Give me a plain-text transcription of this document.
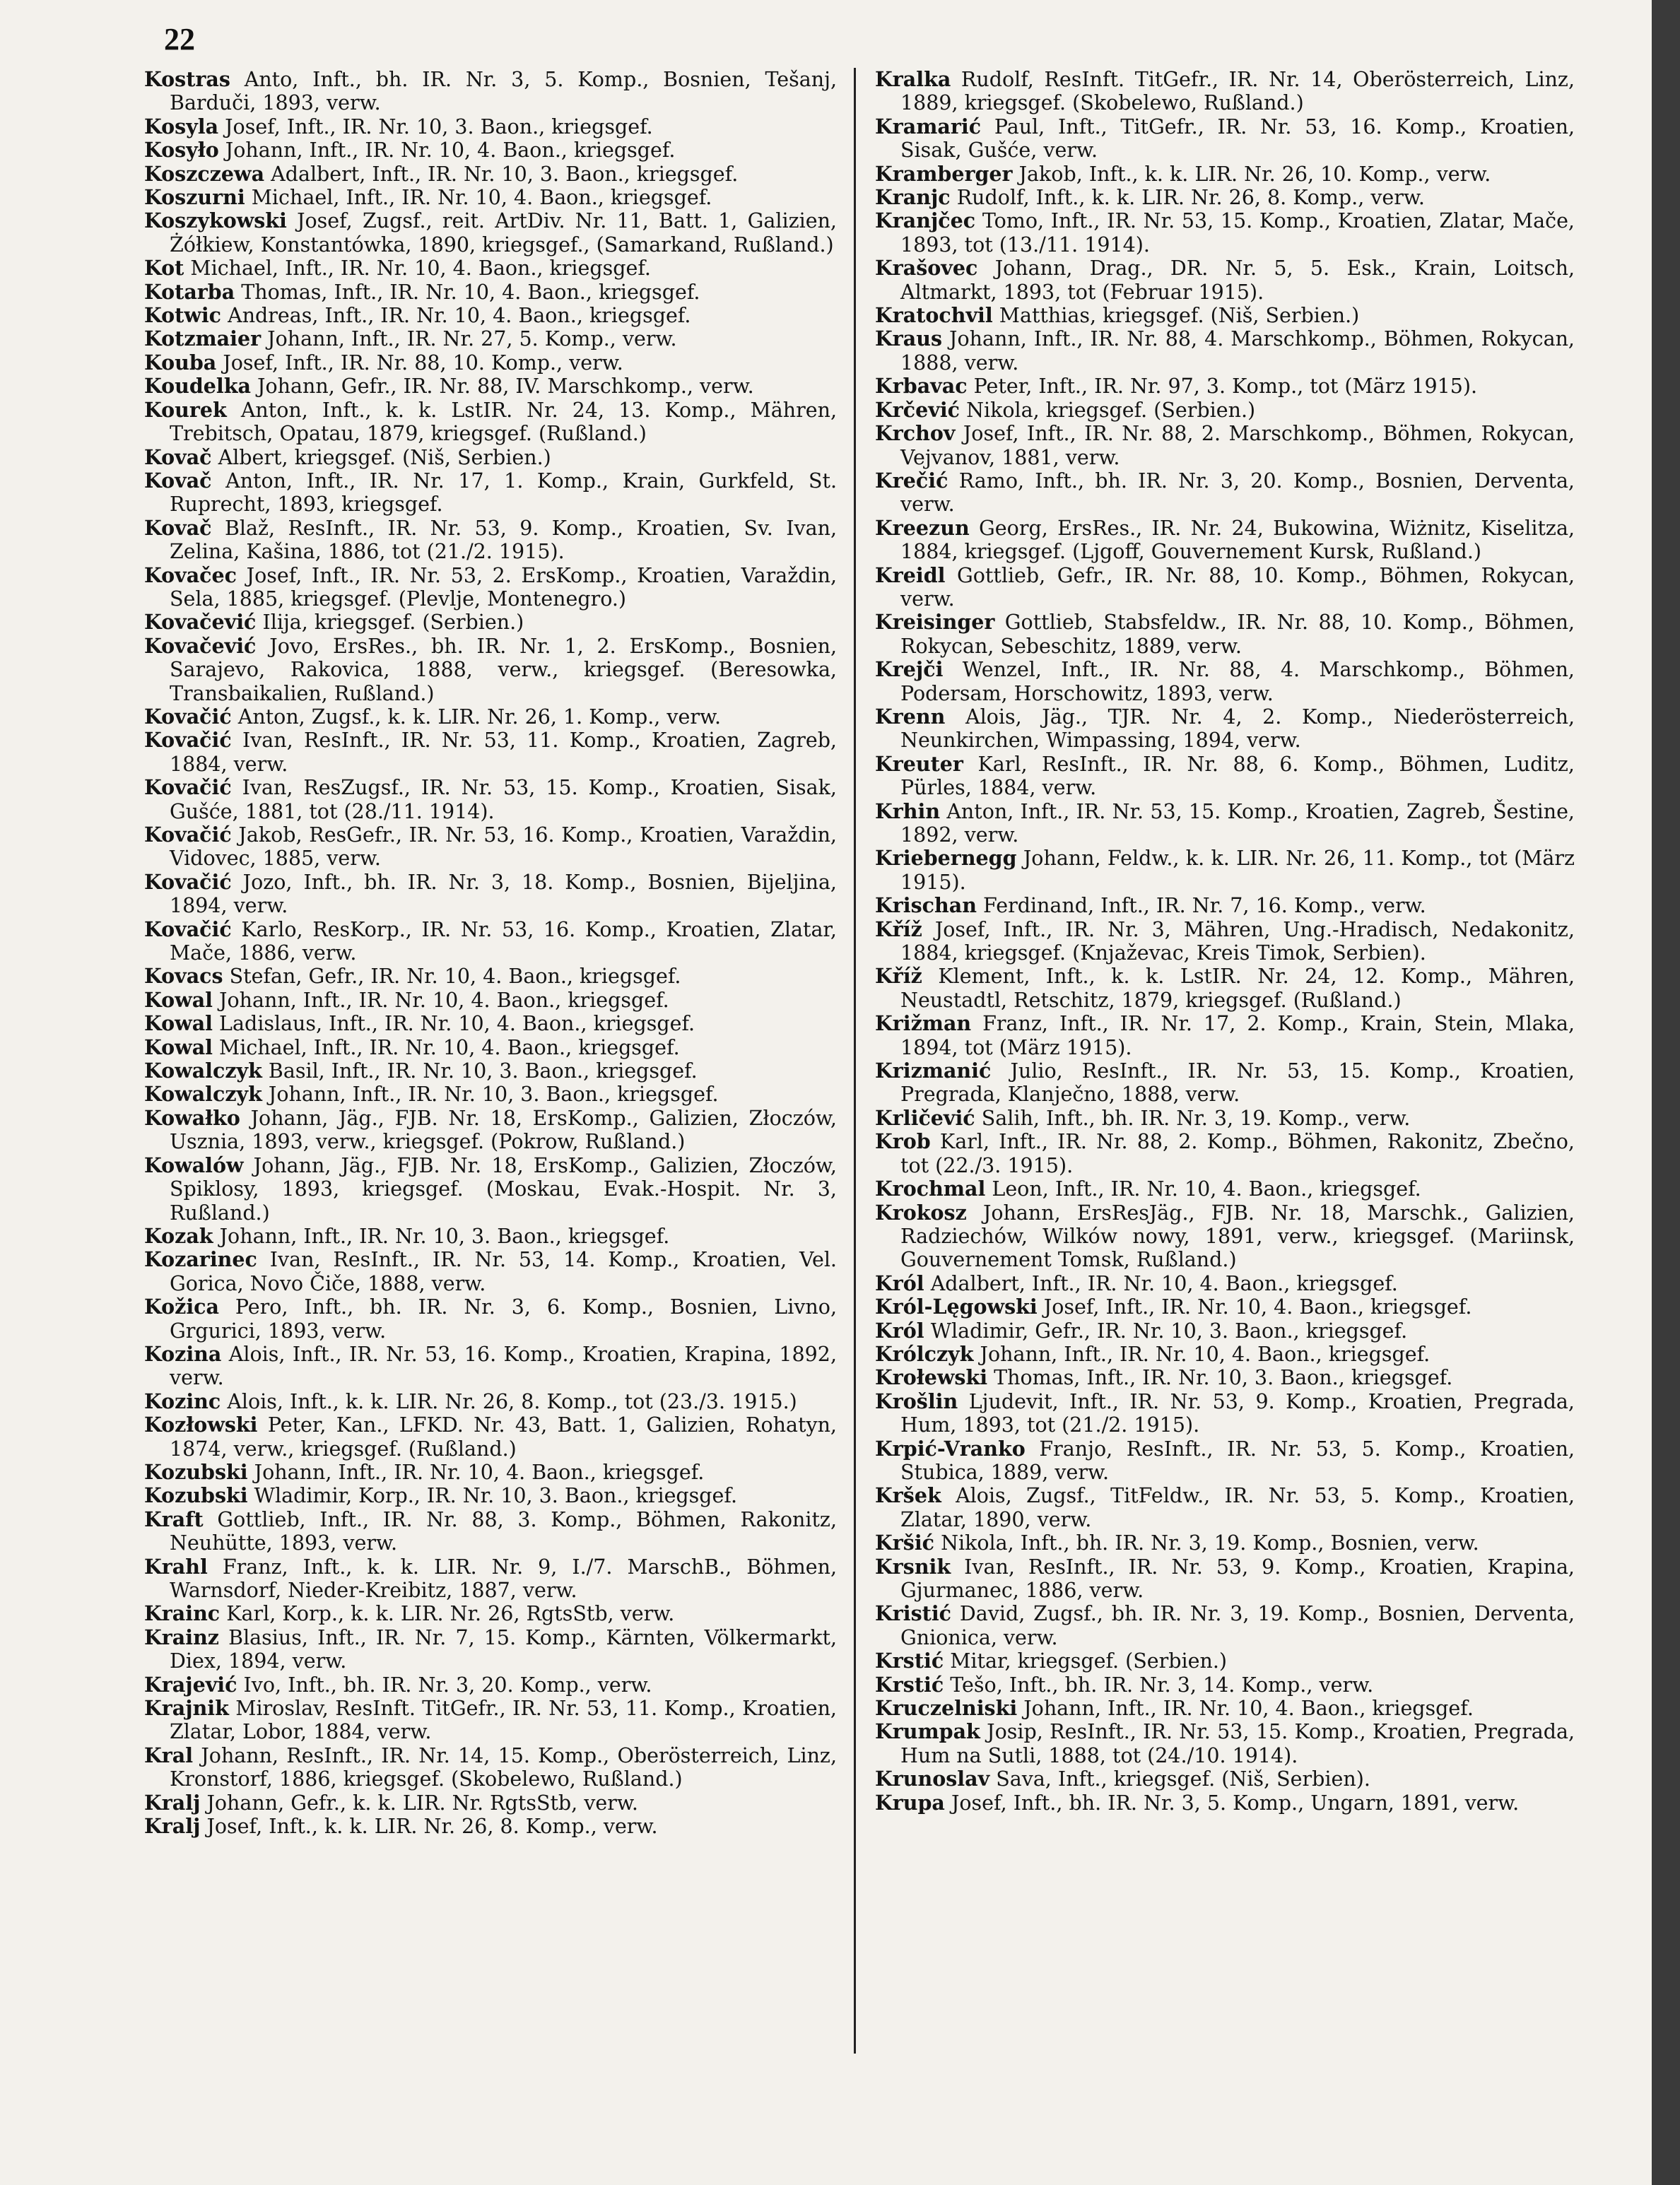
22

Kostras Anto, Inft., bh. IR. Nr. 3, 5. Komp., Bosnien, Tešanj, Barduči, 1893, verw.

Kosyla Josef, Inft., IR. Nr. 10, 3. Baon., kriegsgef.

Kosyło Johann, Inft., IR. Nr. 10, 4. Baon., kriegsgef.

Koszczewa Adalbert, Inft., IR. Nr. 10, 3. Baon., kriegsgef.

Koszurni Michael, Inft., IR. Nr. 10, 4. Baon., kriegsgef.

Koszykowski Josef, Zugsf., reit. ArtDiv. Nr. 11, Batt. 1, Galizien, Żółkiew, Konstantówka, 1890, kriegsgef., (Samarkand, Rußland.)

Kot Michael, Inft., IR. Nr. 10, 4. Baon., kriegsgef.

Kotarba Thomas, Inft., IR. Nr. 10, 4. Baon., kriegsgef.

Kotwic Andreas, Inft., IR. Nr. 10, 4. Baon., kriegsgef.

Kotzmaier Johann, Inft., IR. Nr. 27, 5. Komp., verw.

Kouba Josef, Inft., IR. Nr. 88, 10. Komp., verw.

Koudelka Johann, Gefr., IR. Nr. 88, IV. Marschkomp., verw.

Kourek Anton, Inft., k. k. LstIR. Nr. 24, 13. Komp., Mähren, Trebitsch, Opatau, 1879, kriegsgef. (Rußland.)

Kovač Albert, kriegsgef. (Niš, Serbien.)

Kovač Anton, Inft., IR. Nr. 17, 1. Komp., Krain, Gurkfeld, St. Ruprecht, 1893, kriegsgef.

Kovač Blaž, ResInft., IR. Nr. 53, 9. Komp., Kroatien, Sv. Ivan, Zelina, Kašina, 1886, tot (21./2. 1915).

Kovačec Josef, Inft., IR. Nr. 53, 2. ErsKomp., Kroatien, Varaždin, Sela, 1885, kriegsgef. (Plevlje, Montenegro.)

Kovačević Ilija, kriegsgef. (Serbien.)

Kovačević Jovo, ErsRes., bh. IR. Nr. 1, 2. ErsKomp., Bosnien, Sarajevo, Rakovica, 1888, verw., kriegsgef. (Beresowka, Transbaikalien, Rußland.)

Kovačić Anton, Zugsf., k. k. LIR. Nr. 26, 1. Komp., verw.

Kovačić Ivan, ResInft., IR. Nr. 53, 11. Komp., Kroatien, Zagreb, 1884, verw.

Kovačić Ivan, ResZugsf., IR. Nr. 53, 15. Komp., Kroatien, Sisak, Gušće, 1881, tot (28./11. 1914).

Kovačić Jakob, ResGefr., IR. Nr. 53, 16. Komp., Kroatien, Varaždin, Vidovec, 1885, verw.

Kovačić Jozo, Inft., bh. IR. Nr. 3, 18. Komp., Bosnien, Bijeljina, 1894, verw.

Kovačić Karlo, ResKorp., IR. Nr. 53, 16. Komp., Kroatien, Zlatar, Mače, 1886, verw.

Kovacs Stefan, Gefr., IR. Nr. 10, 4. Baon., kriegsgef.

Kowal Johann, Inft., IR. Nr. 10, 4. Baon., kriegsgef.

Kowal Ladislaus, Inft., IR. Nr. 10, 4. Baon., kriegsgef.

Kowal Michael, Inft., IR. Nr. 10, 4. Baon., kriegsgef.

Kowalczyk Basil, Inft., IR. Nr. 10, 3. Baon., kriegsgef.

Kowalczyk Johann, Inft., IR. Nr. 10, 3. Baon., kriegsgef.

Kowałko Johann, Jäg., FJB. Nr. 18, ErsKomp., Galizien, Złoczów, Usznia, 1893, verw., kriegsgef. (Pokrow, Rußland.)

Kowalów Johann, Jäg., FJB. Nr. 18, ErsKomp., Galizien, Złoczów, Spiklosy, 1893, kriegsgef. (Moskau, Evak.-Hospit. Nr. 3, Rußland.)

Kozak Johann, Inft., IR. Nr. 10, 3. Baon., kriegsgef.

Kozarinec Ivan, ResInft., IR. Nr. 53, 14. Komp., Kroatien, Vel. Gorica, Novo Čiče, 1888, verw.

Kožica Pero, Inft., bh. IR. Nr. 3, 6. Komp., Bosnien, Livno, Grgurici, 1893, verw.

Kozina Alois, Inft., IR. Nr. 53, 16. Komp., Kroatien, Krapina, 1892, verw.

Kozinc Alois, Inft., k. k. LIR. Nr. 26, 8. Komp., tot (23./3. 1915.)

Kozłowski Peter, Kan., LFKD. Nr. 43, Batt. 1, Galizien, Rohatyn, 1874, verw., kriegsgef. (Rußland.)

Kozubski Johann, Inft., IR. Nr. 10, 4. Baon., kriegsgef.

Kozubski Wladimir, Korp., IR. Nr. 10, 3. Baon., kriegsgef.

Kraft Gottlieb, Inft., IR. Nr. 88, 3. Komp., Böhmen, Rakonitz, Neuhütte, 1893, verw.

Krahl Franz, Inft., k. k. LIR. Nr. 9, I./7. MarschB., Böhmen, Warnsdorf, Nieder-Kreibitz, 1887, verw.

Krainc Karl, Korp., k. k. LIR. Nr. 26, RgtsStb, verw.

Krainz Blasius, Inft., IR. Nr. 7, 15. Komp., Kärnten, Völkermarkt, Diex, 1894, verw.

Krajević Ivo, Inft., bh. IR. Nr. 3, 20. Komp., verw.

Krajnik Miroslav, ResInft. TitGefr., IR. Nr. 53, 11. Komp., Kroatien, Zlatar, Lobor, 1884, verw.

Kral Johann, ResInft., IR. Nr. 14, 15. Komp., Oberösterreich, Linz, Kronstorf, 1886, kriegsgef. (Skobelewo, Rußland.)

Kralj Johann, Gefr., k. k. LIR. Nr. RgtsStb, verw.

Kralj Josef, Inft., k. k. LIR. Nr. 26, 8. Komp., verw.

Kralka Rudolf, ResInft. TitGefr., IR. Nr. 14, Oberösterreich, Linz, 1889, kriegsgef. (Skobelewo, Rußland.)

Kramarić Paul, Inft., TitGefr., IR. Nr. 53, 16. Komp., Kroatien, Sisak, Gušće, verw.

Kramberger Jakob, Inft., k. k. LIR. Nr. 26, 10. Komp., verw.

Kranjc Rudolf, Inft., k. k. LIR. Nr. 26, 8. Komp., verw.

Kranjčec Tomo, Inft., IR. Nr. 53, 15. Komp., Kroatien, Zlatar, Mače, 1893, tot (13./11. 1914).

Krašovec Johann, Drag., DR. Nr. 5, 5. Esk., Krain, Loitsch, Altmarkt, 1893, tot (Februar 1915).

Kratochvil Matthias, kriegsgef. (Niš, Serbien.)

Kraus Johann, Inft., IR. Nr. 88, 4. Marschkomp., Böhmen, Rokycan, 1888, verw.

Krbavac Peter, Inft., IR. Nr. 97, 3. Komp., tot (März 1915).

Krčević Nikola, kriegsgef. (Serbien.)

Krchov Josef, Inft., IR. Nr. 88, 2. Marschkomp., Böhmen, Rokycan, Vejvanov, 1881, verw.

Krečić Ramo, Inft., bh. IR. Nr. 3, 20. Komp., Bosnien, Derventa, verw.

Kreezun Georg, ErsRes., IR. Nr. 24, Bukowina, Wiżnitz, Kiselitza, 1884, kriegsgef. (Ljgoff, Gouvernement Kursk, Rußland.)

Kreidl Gottlieb, Gefr., IR. Nr. 88, 10. Komp., Böhmen, Rokycan, verw.

Kreisinger Gottlieb, Stabsfeldw., IR. Nr. 88, 10. Komp., Böhmen, Rokycan, Sebeschitz, 1889, verw.

Krejči Wenzel, Inft., IR. Nr. 88, 4. Marschkomp., Böhmen, Podersam, Horschowitz, 1893, verw.

Krenn Alois, Jäg., TJR. Nr. 4, 2. Komp., Niederösterreich, Neunkirchen, Wimpassing, 1894, verw.

Kreuter Karl, ResInft., IR. Nr. 88, 6. Komp., Böhmen, Luditz, Pürles, 1884, verw.

Krhin Anton, Inft., IR. Nr. 53, 15. Komp., Kroatien, Zagreb, Šestine, 1892, verw.

Kriebernegg Johann, Feldw., k. k. LIR. Nr. 26, 11. Komp., tot (März 1915).

Krischan Ferdinand, Inft., IR. Nr. 7, 16. Komp., verw.

Kříž Josef, Inft., IR. Nr. 3, Mähren, Ung.-Hradisch, Nedakonitz, 1884, kriegsgef. (Knjaževac, Kreis Timok, Serbien).

Kříž Klement, Inft., k. k. LstIR. Nr. 24, 12. Komp., Mähren, Neustadtl, Retschitz, 1879, kriegsgef. (Rußland.)

Križman Franz, Inft., IR. Nr. 17, 2. Komp., Krain, Stein, Mlaka, 1894, tot (März 1915).

Krizmanić Julio, ResInft., IR. Nr. 53, 15. Komp., Kroatien, Pregrada, Klanječno, 1888, verw.

Krličević Salih, Inft., bh. IR. Nr. 3, 19. Komp., verw.

Krob Karl, Inft., IR. Nr. 88, 2. Komp., Böhmen, Rakonitz, Zbečno, tot (22./3. 1915).

Krochmal Leon, Inft., IR. Nr. 10, 4. Baon., kriegsgef.

Krokosz Johann, ErsResJäg., FJB. Nr. 18, Marschk., Galizien, Radziechów, Wilków nowy, 1891, verw., kriegsgef. (Mariinsk, Gouvernement Tomsk, Rußland.)

Król Adalbert, Inft., IR. Nr. 10, 4. Baon., kriegsgef.

Król-Lęgowski Josef, Inft., IR. Nr. 10, 4. Baon., kriegsgef.

Król Wladimir, Gefr., IR. Nr. 10, 3. Baon., kriegsgef.

Królczyk Johann, Inft., IR. Nr. 10, 4. Baon., kriegsgef.

Krołewski Thomas, Inft., IR. Nr. 10, 3. Baon., kriegsgef.

Krošlin Ljudevit, Inft., IR. Nr. 53, 9. Komp., Kroatien, Pregrada, Hum, 1893, tot (21./2. 1915).

Krpić-Vranko Franjo, ResInft., IR. Nr. 53, 5. Komp., Kroatien, Stubica, 1889, verw.

Kršek Alois, Zugsf., TitFeldw., IR. Nr. 53, 5. Komp., Kroatien, Zlatar, 1890, verw.

Kršić Nikola, Inft., bh. IR. Nr. 3, 19. Komp., Bosnien, verw.

Krsnik Ivan, ResInft., IR. Nr. 53, 9. Komp., Kroatien, Krapina, Gjurmanec, 1886, verw.

Kristić David, Zugsf., bh. IR. Nr. 3, 19. Komp., Bosnien, Derventa, Gnionica, verw.

Krstić Mitar, kriegsgef. (Serbien.)

Krstić Tešo, Inft., bh. IR. Nr. 3, 14. Komp., verw.

Kruczelniski Johann, Inft., IR. Nr. 10, 4. Baon., kriegsgef.

Krumpak Josip, ResInft., IR. Nr. 53, 15. Komp., Kroatien, Pregrada, Hum na Sutli, 1888, tot (24./10. 1914).

Krunoslav Sava, Inft., kriegsgef. (Niš, Serbien).

Krupa Josef, Inft., bh. IR. Nr. 3, 5. Komp., Ungarn, 1891, verw.
